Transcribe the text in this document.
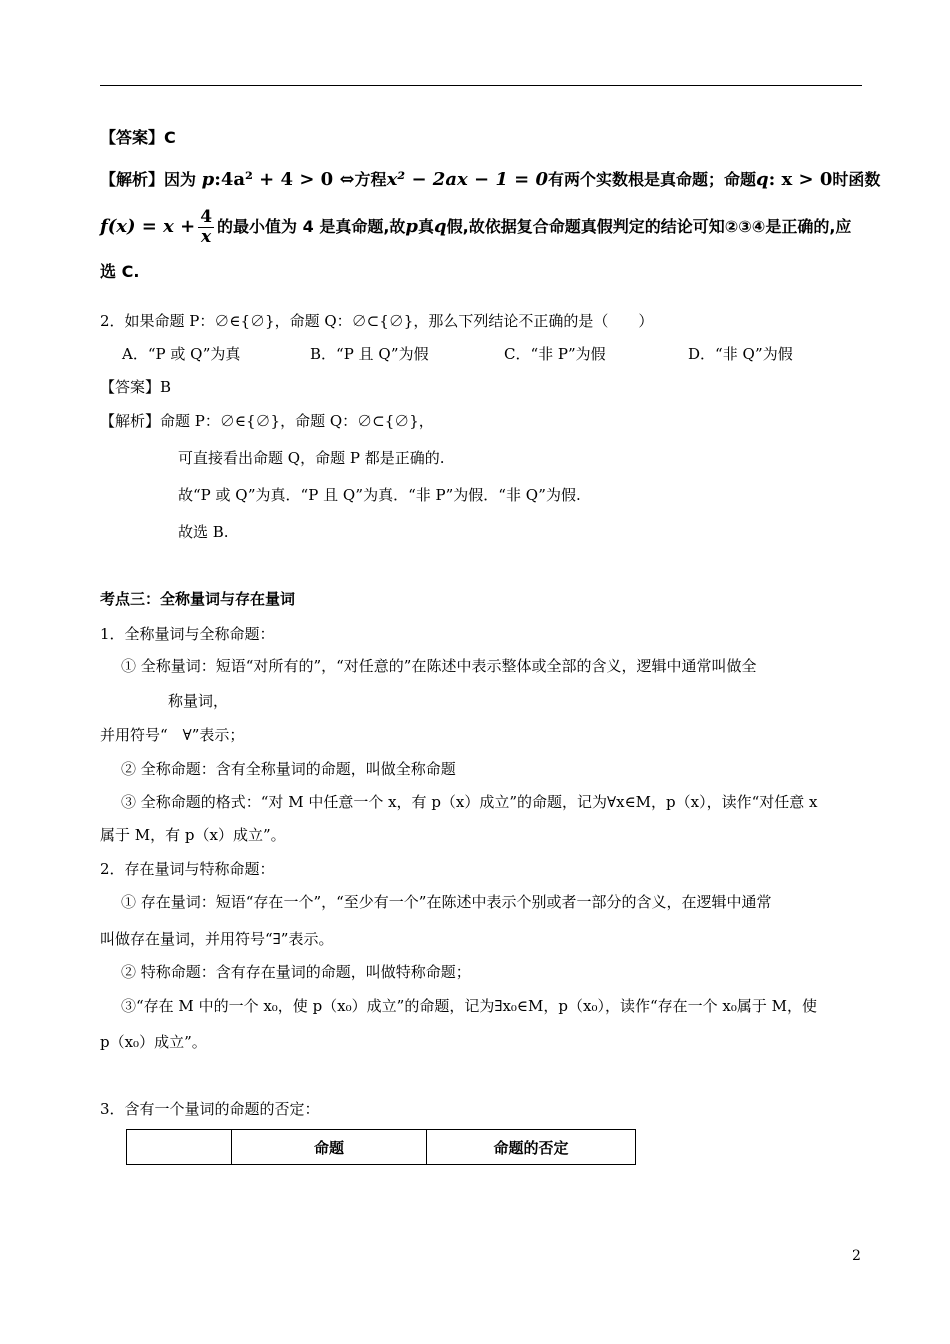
【答案】C
【解析】因为 p:4a² + 4 > 0 ⇔方程x² − 2ax − 1 = 0有两个实数根是真命题；命题q: x > 0时函数
$f(x) = x + \frac{4}{x}$ 的最小值为 4 是真命题,故p真q假,故依据复合命题真假判定的结论可知②③④是正确的,应
选 C.
2．如果命题 P：∅∈{∅}，命题 Q：∅⊂{∅}，那么下列结论不正确的是（　　）
A．“P 或 Q”为真	B．“P 且 Q”为假	C．“非 P”为假	D．“非 Q”为假
【答案】B
【解析】命题 P：∅∈{∅}，命题 Q：∅⊂{∅}，
可直接看出命题 Q，命题 P 都是正确的.
故“P 或 Q”为真．“P 且 Q”为真．“非 P”为假．“非 Q”为假.
故选 B.
考点三：全称量词与存在量词
1．全称量词与全称命题：
① 全称量词：短语“对所有的”，“对任意的”在陈述中表示整体或全部的含义，逻辑中通常叫做全
称量词，
并用符号“　∀”表示；
② 全称命题：含有全称量词的命题，叫做全称命题
③ 全称命题的格式：“对 M 中任意一个 x，有 p（x）成立”的命题，记为∀x∈M，p（x），读作“对任意 x
属于 M，有 p（x）成立”。
2．存在量词与特称命题：
① 存在量词：短语“存在一个”，“至少有一个”在陈述中表示个别或者一部分的含义，在逻辑中通常
叫做存在量词，并用符号“∃”表示。
② 特称命题：含有存在量词的命题，叫做特称命题；
③“存在 M 中的一个 x₀，使 p（x₀）成立”的命题，记为∃x₀∈M，p（x₀），读作“存在一个 x₀属于 M，使
p（x₀）成立”。
3．含有一个量词的命题的否定：
	命题	命题的否定
2
